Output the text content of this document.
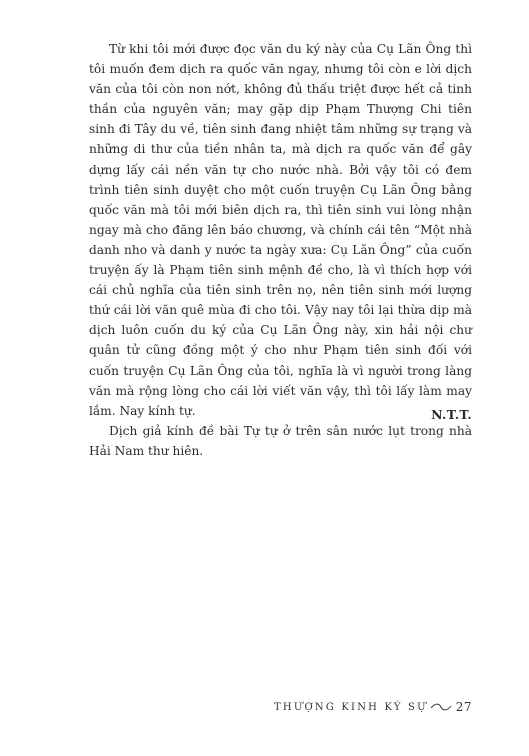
Từ khi tôi mới được đọc văn du ký này của Cụ Lãn Ông thì tôi muốn đem dịch ra quốc văn ngay, nhưng tôi còn e lời dịch văn của tôi còn non nớt, không đủ thấu triệt được hết cả tinh thần của nguyên văn; may gặp dịp Phạm Thượng Chi tiên sinh đi Tây du về, tiên sinh đang nhiệt tâm những sự trạng và những di thư của tiền nhân ta, mà dịch ra quốc văn để gây dựng lấy cái nền văn tự cho nước nhà. Bởi vậy tôi có đem trình tiên sinh duyệt cho một cuốn truyện Cụ Lãn Ông bằng quốc văn mà tôi mới biên dịch ra, thì tiên sinh vui lòng nhận ngay mà cho đăng lên báo chương, và chính cái tên “Một nhà danh nho và danh y nước ta ngày xưa: Cụ Lãn Ông” của cuốn truyện ấy là Phạm tiên sinh mệnh đề cho, là vì thích hợp với cái chủ nghĩa của tiên sinh trên nọ, nên tiên sinh mới lượng thứ cái lời văn quê mùa đi cho tôi. Vậy nay tôi lại thừa dịp mà dịch luôn cuốn du ký của Cụ Lãn Ông này, xin hải nội chư quân tử cũng đồng một ý cho như Phạm tiên sinh đối với cuốn truyện Cụ Lãn Ông của tôi, nghĩa là vì người trong làng văn mà rộng lòng cho cái lời viết văn vậy, thì tôi lấy làm may lắm. Nay kính tự.

Dịch giả kính đề bài Tự tự ở trên sân nước lụt trong nhà Hải Nam thư hiên.

N.T.T.
THƯỢNG KINH KÝ SỰ 27
